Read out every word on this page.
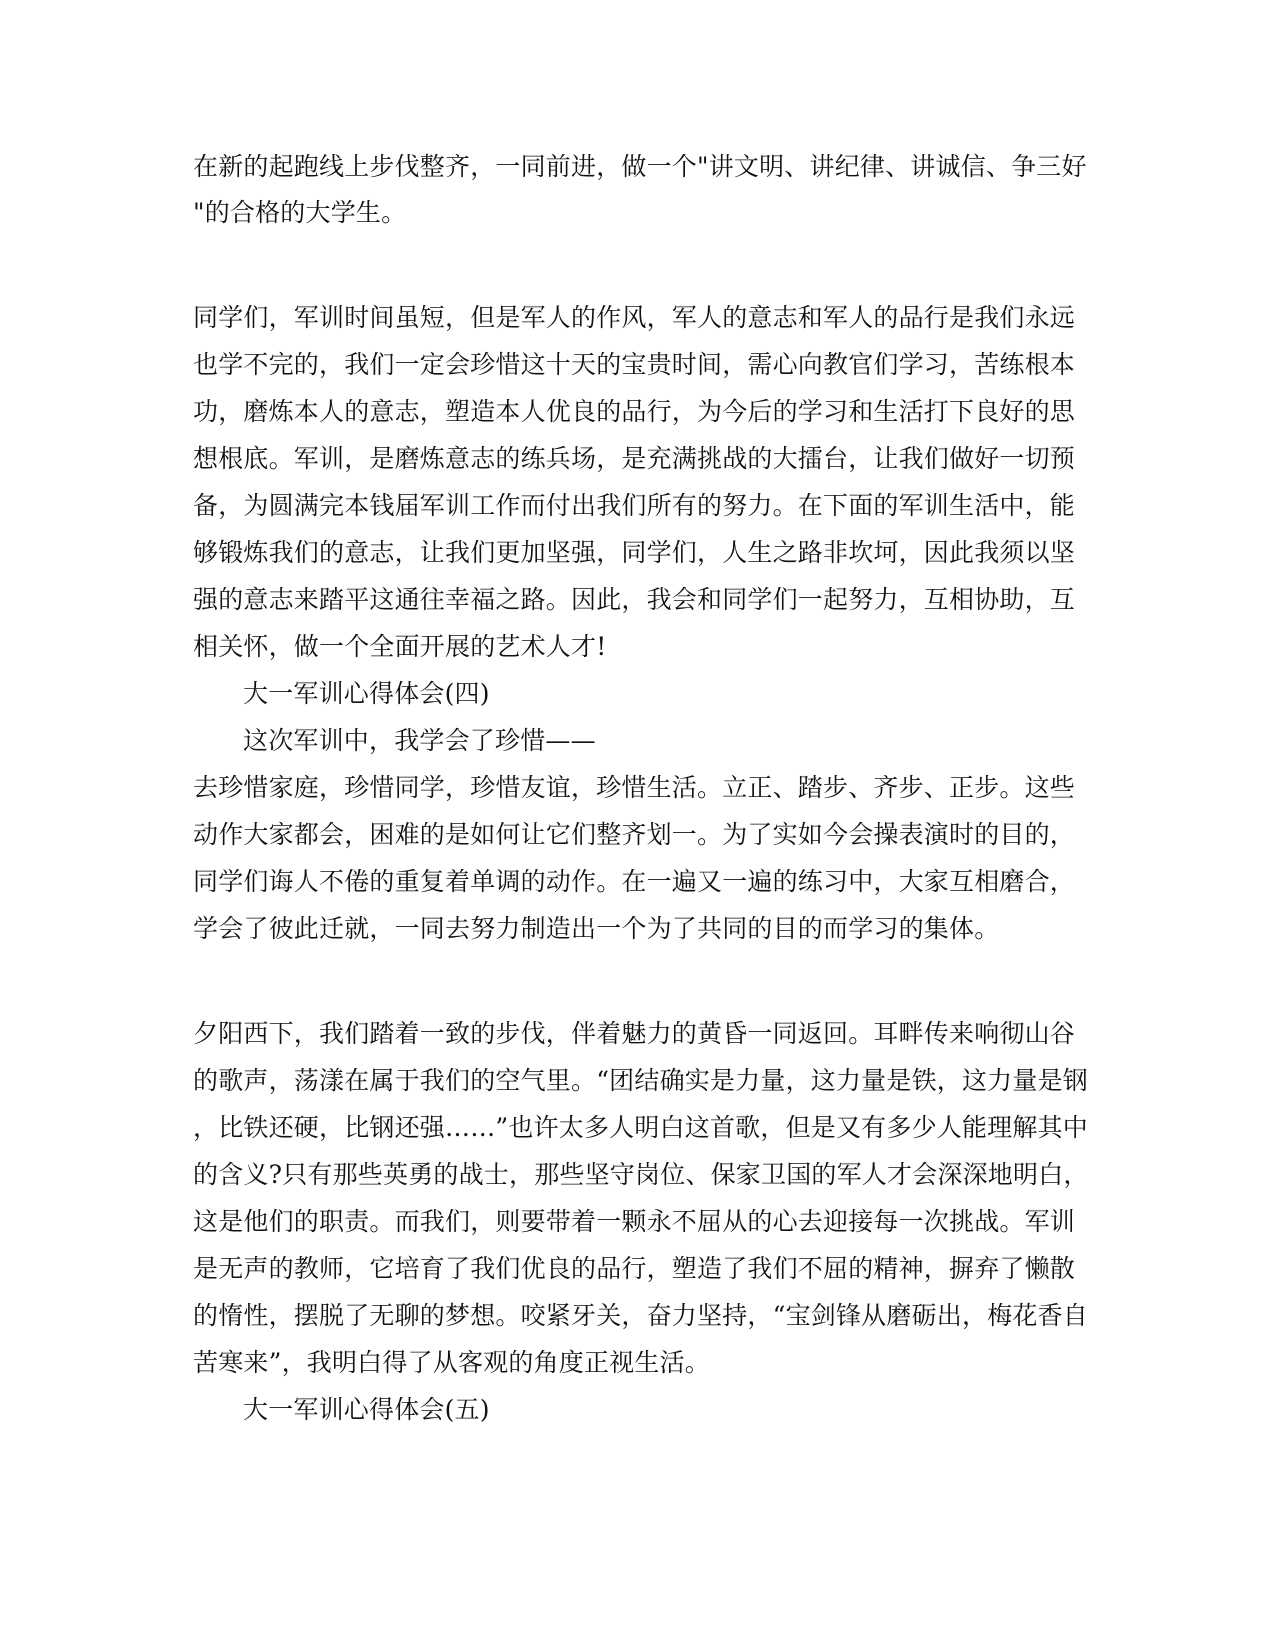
在新的起跑线上步伐整齐，一同前进，做一个"讲文明、讲纪律、讲诚信、争三好
"的合格的大学生。
同学们，军训时间虽短，但是军人的作风，军人的意志和军人的品行是我们永远
也学不完的，我们一定会珍惜这十天的宝贵时间，需心向教官们学习，苦练根本
功，磨炼本人的意志，塑造本人优良的品行，为今后的学习和生活打下良好的思
想根底。军训，是磨炼意志的练兵场，是充满挑战的大擂台，让我们做好一切预
备，为圆满完本钱届军训工作而付出我们所有的努力。在下面的军训生活中，能
够锻炼我们的意志，让我们更加坚强，同学们，人生之路非坎坷，因此我须以坚
强的意志来踏平这通往幸福之路。因此，我会和同学们一起努力，互相协助，互
相关怀，做一个全面开展的艺术人才!
大一军训心得体会(四)
这次军训中，我学会了珍惜——
去珍惜家庭，珍惜同学，珍惜友谊，珍惜生活。立正、踏步、齐步、正步。这些
动作大家都会，困难的是如何让它们整齐划一。为了实如今会操表演时的目的，
同学们诲人不倦的重复着单调的动作。在一遍又一遍的练习中，大家互相磨合，
学会了彼此迁就，一同去努力制造出一个为了共同的目的而学习的集体。
夕阳西下，我们踏着一致的步伐，伴着魅力的黄昏一同返回。耳畔传来响彻山谷
的歌声，荡漾在属于我们的空气里。“团结确实是力量，这力量是铁，这力量是钢
，比铁还硬，比钢还强……”也许太多人明白这首歌，但是又有多少人能理解其中
的含义?只有那些英勇的战士，那些坚守岗位、保家卫国的军人才会深深地明白，
这是他们的职责。而我们，则要带着一颗永不屈从的心去迎接每一次挑战。军训
是无声的教师，它培育了我们优良的品行，塑造了我们不屈的精神，摒弃了懒散
的惰性，摆脱了无聊的梦想。咬紧牙关，奋力坚持，“宝剑锋从磨砺出，梅花香自
苦寒来”，我明白得了从客观的角度正视生活。
大一军训心得体会(五)
